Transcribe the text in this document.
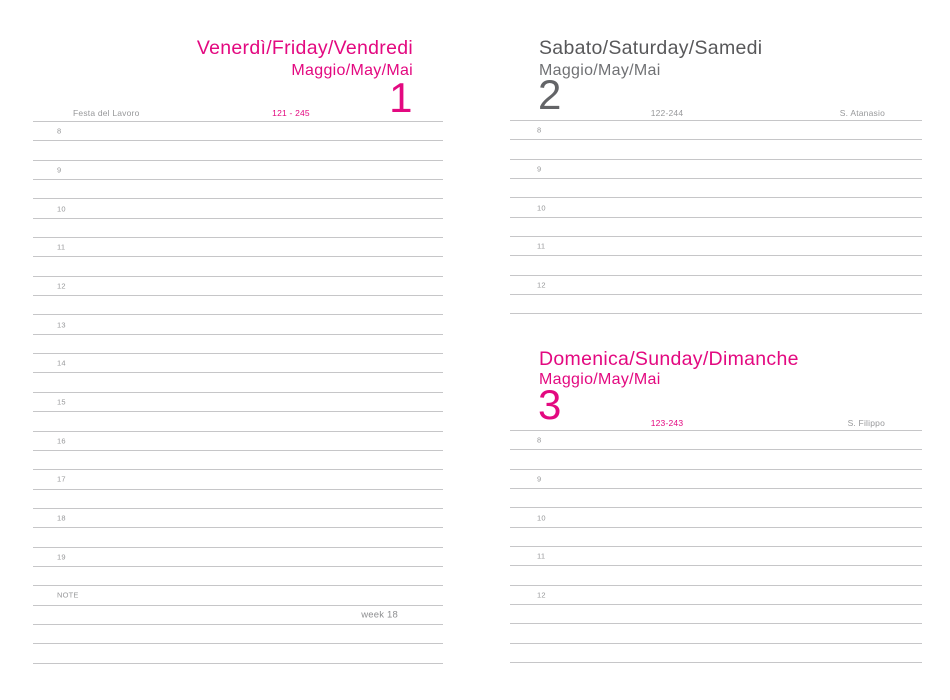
Venerdì/Friday/Vendredi
Maggio/May/Mai
1
Festa del Lavoro	121 - 245
8
9
10
11
12
13
14
15
16
17
18
19
NOTE
week 18
Sabato/Saturday/Samedi
Maggio/May/Mai
2	122-244	S. Atanasio
8
9
10
11
12
Domenica/Sunday/Dimanche
Maggio/May/Mai
3	123-243	S. Filippo
8
9
10
11
12
